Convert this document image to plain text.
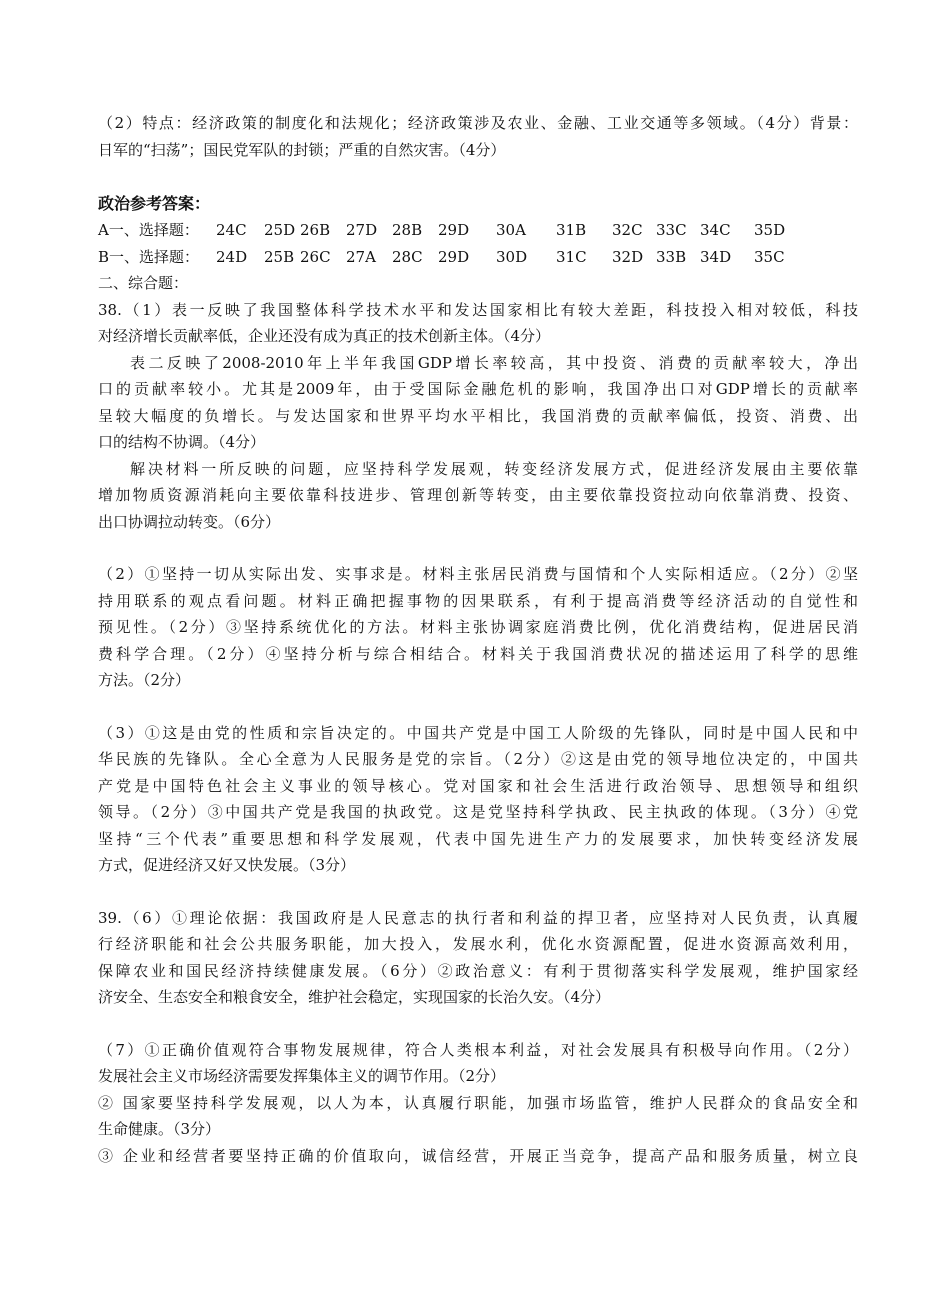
（2）特点：经济政策的制度化和法规化；经济政策涉及农业、金融、工业交通等多领域。（4分）背景：
日军的“扫荡”；国民党军队的封锁；严重的自然灾害。（4分）
政治参考答案：
A一、选择题：	24C	25D 26B	27D 28B	29D	30A	31B	32C 33C 34C	35D
B一、选择题：	24D	25B 26C	27A	28C	29D	30D	31C	32D 33B 34D	35C
二、综合题：
38.（1）表一反映了我国整体科学技术水平和发达国家相比有较大差距，科技投入相对较低，科技
对经济增长贡献率低，企业还没有成为真正的技术创新主体。（4分）
表二反映了2008-2010年上半年我国GDP增长率较高，其中投资、消费的贡献率较大，净出
口的贡献率较小。尤其是2009年，由于受国际金融危机的影响，我国净出口对GDP增长的贡献率
呈较大幅度的负增长。与发达国家和世界平均水平相比，我国消费的贡献率偏低，投资、消费、出
口的结构不协调。（4分）
解决材料一所反映的问题，应坚持科学发展观，转变经济发展方式，促进经济发展由主要依靠
增加物质资源消耗向主要依靠科技进步、管理创新等转变，由主要依靠投资拉动向依靠消费、投资、
出口协调拉动转变。（6分）
（2）①坚持一切从实际出发、实事求是。材料主张居民消费与国情和个人实际相适应。（2分）②坚
持用联系的观点看问题。材料正确把握事物的因果联系，有利于提高消费等经济活动的自觉性和
预见性。（2分）③坚持系统优化的方法。材料主张协调家庭消费比例，优化消费结构，促进居民消
费科学合理。（2分）④坚持分析与综合相结合。材料关于我国消费状况的描述运用了科学的思维
方法。（2分）
（3）①这是由党的性质和宗旨决定的。中国共产党是中国工人阶级的先锋队，同时是中国人民和中
华民族的先锋队。全心全意为人民服务是党的宗旨。（2分）②这是由党的领导地位决定的，中国共
产党是中国特色社会主义事业的领导核心。党对国家和社会生活进行政治领导、思想领导和组织
领导。（2分）③中国共产党是我国的执政党。这是党坚持科学执政、民主执政的体现。（3分）④党
坚持“三个代表”重要思想和科学发展观，代表中国先进生产力的发展要求，加快转变经济发展
方式，促进经济又好又快发展。（3分）
39.（6）①理论依据：我国政府是人民意志的执行者和利益的捍卫者，应坚持对人民负责，认真履
行经济职能和社会公共服务职能，加大投入，发展水利，优化水资源配置，促进水资源高效利用，
保障农业和国民经济持续健康发展。（6分）②政治意义：有利于贯彻落实科学发展观，维护国家经
济安全、生态安全和粮食安全，维护社会稳定，实现国家的长治久安。（4分）
（7）①正确价值观符合事物发展规律，符合人类根本利益，对社会发展具有积极导向作用。（2分）
发展社会主义市场经济需要发挥集体主义的调节作用。（2分）
② 国家要坚持科学发展观，以人为本，认真履行职能，加强市场监管，维护人民群众的食品安全和
生命健康。（3分）
③ 企业和经营者要坚持正确的价值取向，诚信经营，开展正当竞争，提高产品和服务质量，树立良
